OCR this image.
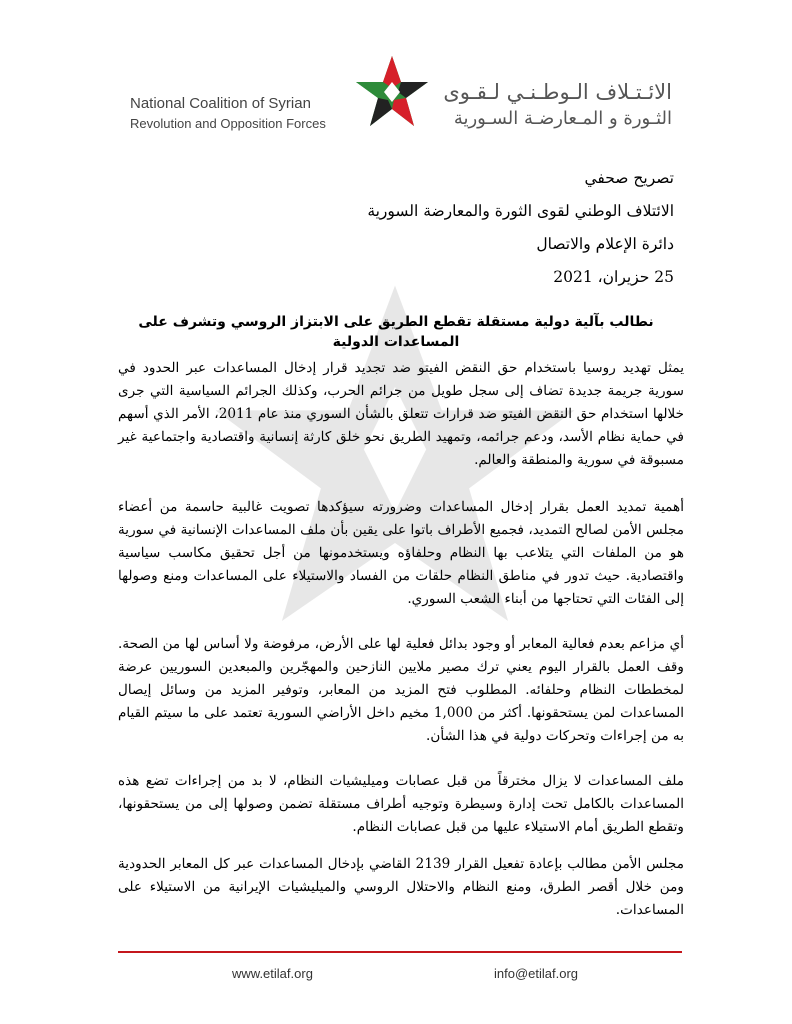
National Coalition of Syrian
Revolution and Opposition Forces
الائـتـلاف الـوطـنـي لـقـوى
الثـورة و المـعارضـة السـورية
تصريح صحفي
الائتلاف الوطني لقوى الثورة والمعارضة السورية
دائرة الإعلام والاتصال
25 حزيران، 2021
نطالب بآلية دولية مستقلة تقطع الطريق على الابتزاز الروسي وتشرف على المساعدات الدولية
يمثل تهديد روسيا باستخدام حق النقض الفيتو ضد تجديد قرار إدخال المساعدات عبر الحدود في سورية جريمة جديدة تضاف إلى سجل طويل من جرائم الحرب، وكذلك الجرائم السياسية التي جرى خلالها استخدام حق النقض الفيتو ضد قرارات تتعلق بالشأن السوري منذ عام 2011، الأمر الذي أسهم في حماية نظام الأسد، ودعم جرائمه، وتمهيد الطريق نحو خلق كارثة إنسانية واقتصادية واجتماعية غير مسبوقة في سورية والمنطقة والعالم.
أهمية تمديد العمل بقرار إدخال المساعدات وضرورته سيؤكدها تصويت غالبية حاسمة من أعضاء مجلس الأمن لصالح التمديد، فجميع الأطراف باتوا على يقين بأن ملف المساعدات الإنسانية في سورية هو من الملفات التي يتلاعب بها النظام وحلفاؤه ويستخدمونها من أجل تحقيق مكاسب سياسية واقتصادية. حيث تدور في مناطق النظام حلقات من الفساد والاستيلاء على المساعدات ومنع وصولها إلى الفئات التي تحتاجها من أبناء الشعب السوري.
أي مزاعم بعدم فعالية المعابر أو وجود بدائل فعلية لها على الأرض، مرفوضة ولا أساس لها من الصحة. وقف العمل بالقرار اليوم يعني ترك مصير ملايين النازحين والمهجّرين والمبعدين السوريين عرضة لمخططات النظام وحلفائه. المطلوب فتح المزيد من المعابر، وتوفير المزيد من وسائل إيصال المساعدات لمن يستحقونها. أكثر من 1,000 مخيم داخل الأراضي السورية تعتمد على ما سيتم القيام به من إجراءات وتحركات دولية في هذا الشأن.
ملف المساعدات لا يزال مخترقاً من قبل عصابات وميليشيات النظام، لا بد من إجراءات تضع هذه المساعدات بالكامل تحت إدارة وسيطرة وتوجيه أطراف مستقلة تضمن وصولها إلى من يستحقونها، وتقطع الطريق أمام الاستيلاء عليها من قبل عصابات النظام.
مجلس الأمن مطالب بإعادة تفعيل القرار 2139 القاضي بإدخال المساعدات عبر كل المعابر الحدودية ومن خلال أقصر الطرق، ومنع النظام والاحتلال الروسي والميليشيات الإيرانية من الاستيلاء على المساعدات.
www.etilaf.org	info@etilaf.org
